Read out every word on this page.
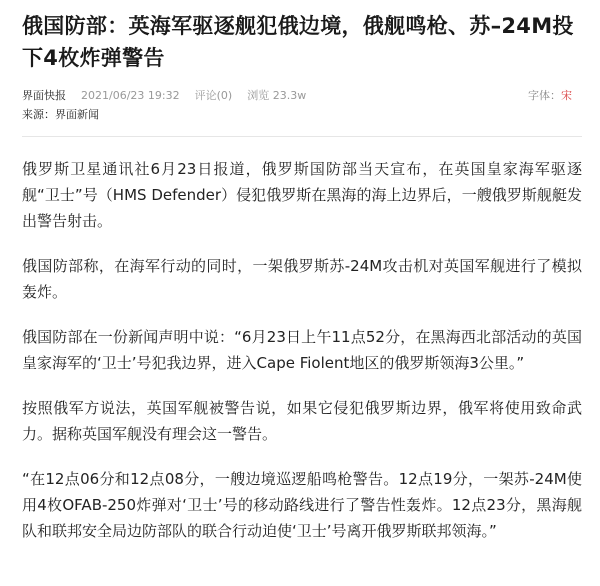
俄国防部：英海军驱逐舰犯俄边境，俄舰鸣枪、苏–24M投下4枚炸弹警告
界面快报 2021/06/23 19:32 评论(0) 浏览 23.3w	字体：宋
来源：界面新闻

俄罗斯卫星通讯社6月23日报道，俄罗斯国防部当天宣布，在英国皇家海军驱逐舰“卫士”号（HMS Defender）侵犯俄罗斯在黑海的海上边界后，一艘俄罗斯舰艇发出警告射击。

俄国防部称，在海军行动的同时，一架俄罗斯苏-24M攻击机对英国军舰进行了模拟轰炸。

俄国防部在一份新闻声明中说：“6月23日上午11点52分，在黑海西北部活动的英国皇家海军的‘卫士’号犯我边界，进入Cape Fiolent地区的俄罗斯领海3公里。”

按照俄军方说法，英国军舰被警告说，如果它侵犯俄罗斯边界，俄军将使用致命武力。据称英国军舰没有理会这一警告。

“在12点06分和12点08分，一艘边境巡逻船鸣枪警告。12点19分，一架苏-24M使用4枚OFAB-250炸弹对‘卫士’号的移动路线进行了警告性轰炸。12点23分，黑海舰队和联邦安全局边防部队的联合行动迫使‘卫士’号离开俄罗斯联邦领海。”
